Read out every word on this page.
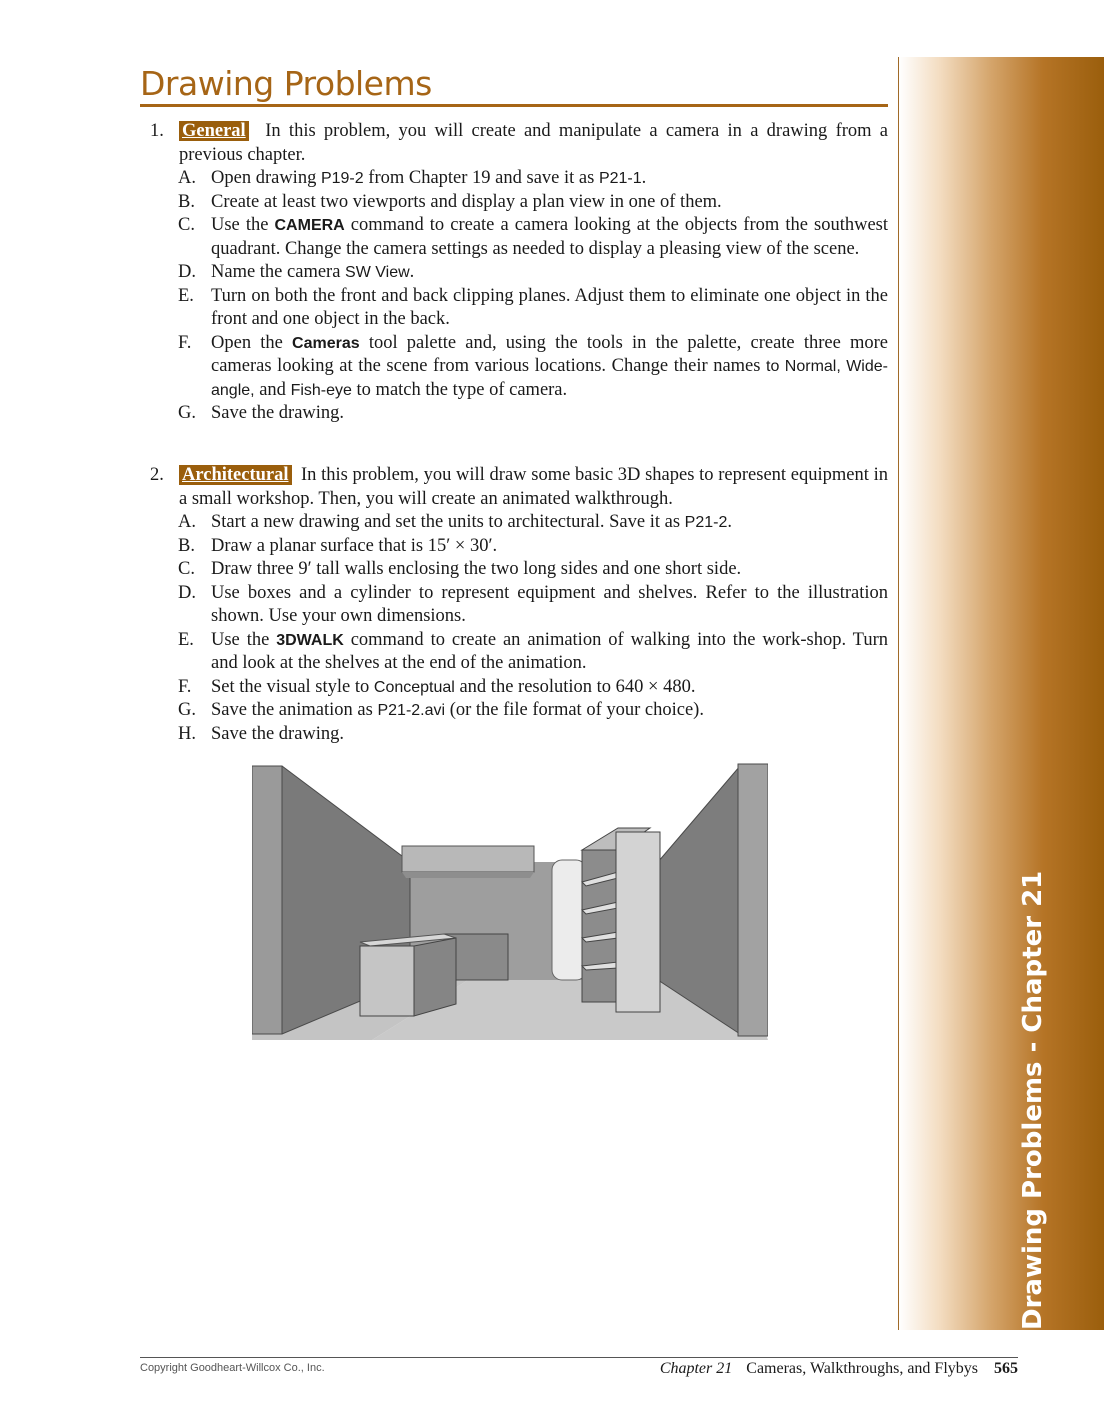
Drawing Problems
Drawing Problems - Chapter 21
1. General In this problem, you will create and manipulate a camera in a drawing from a previous chapter.
A. Open drawing P19-2 from Chapter 19 and save it as P21-1.
B. Create at least two viewports and display a plan view in one of them.
C. Use the CAMERA command to create a camera looking at the objects from the southwest quadrant. Change the camera settings as needed to display a pleasing view of the scene.
D. Name the camera SW View.
E. Turn on both the front and back clipping planes. Adjust them to eliminate one object in the front and one object in the back.
F. Open the Cameras tool palette and, using the tools in the palette, create three more cameras looking at the scene from various locations. Change their names to Normal, Wide-angle, and Fish-eye to match the type of camera.
G. Save the drawing.
2. Architectural In this problem, you will draw some basic 3D shapes to represent equipment in a small workshop. Then, you will create an animated walkthrough.
A. Start a new drawing and set the units to architectural. Save it as P21-2.
B. Draw a planar surface that is 15′ × 30′.
C. Draw three 9′ tall walls enclosing the two long sides and one short side.
D. Use boxes and a cylinder to represent equipment and shelves. Refer to the illustration shown. Use your own dimensions.
E. Use the 3DWALK command to create an animation of walking into the work-shop. Turn and look at the shelves at the end of the animation.
F. Set the visual style to Conceptual and the resolution to 640 × 480.
G. Save the animation as P21-2.avi (or the file format of your choice).
H. Save the drawing.
Copyright Goodheart-Willcox Co., Inc.	Chapter 21 Cameras, Walkthroughs, and Flybys 565
